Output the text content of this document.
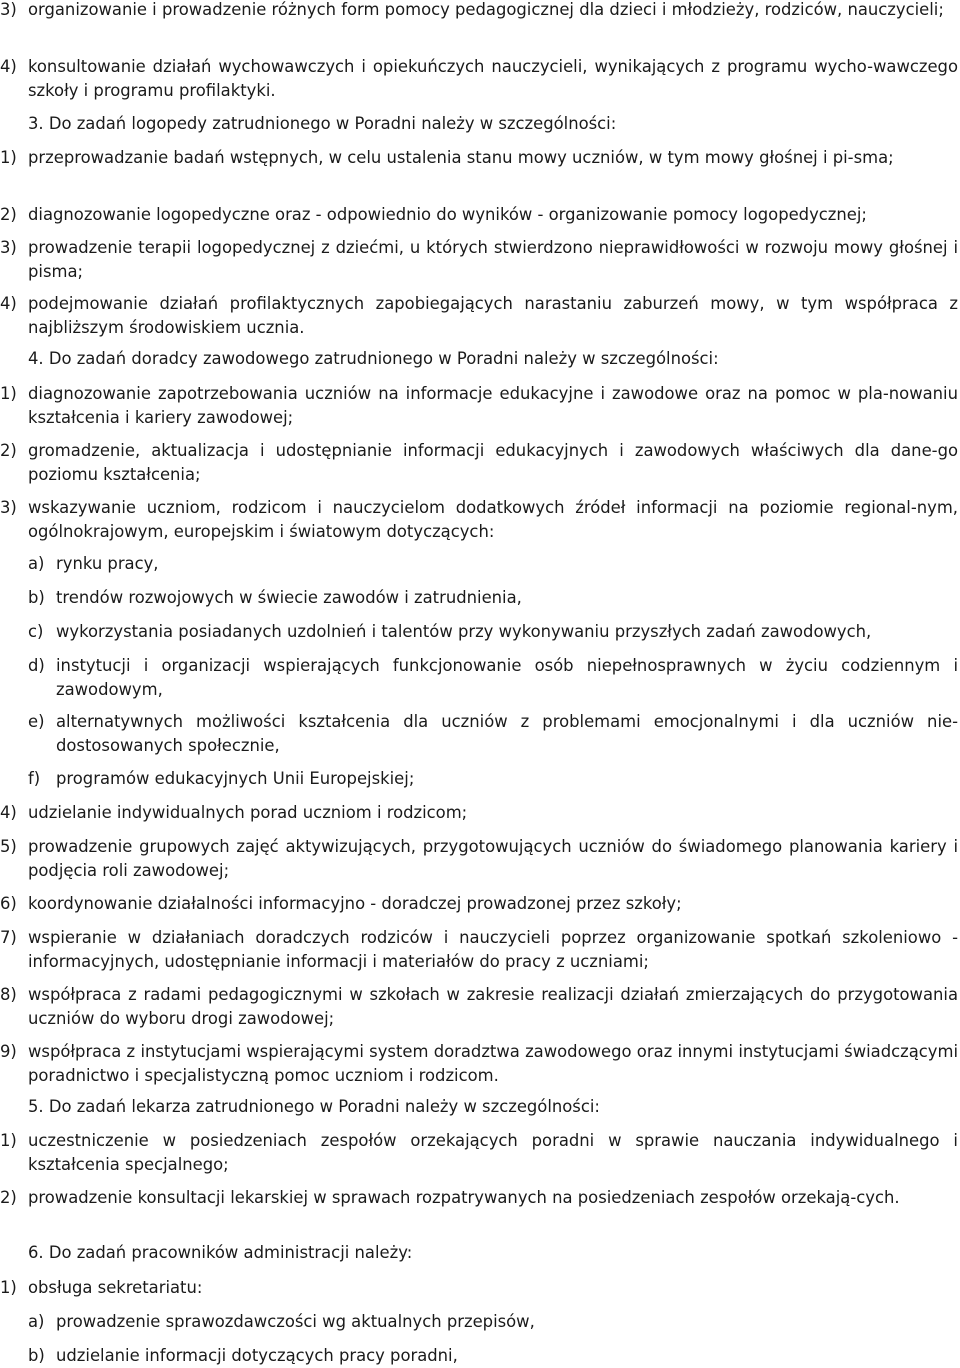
3) organizowanie i prowadzenie różnych form pomocy pedagogicznej dla dzieci i młodzieży, rodziców, nauczycieli;
4) konsultowanie działań wychowawczych i opiekuńczych nauczycieli, wynikających z programu wycho-wawczego szkoły i programu profilaktyki.
3. Do zadań logopedy zatrudnionego w Poradni należy w szczególności:
1) przeprowadzanie badań wstępnych, w celu ustalenia stanu mowy uczniów, w tym mowy głośnej i pi-sma;
2) diagnozowanie logopedyczne oraz - odpowiednio do wyników - organizowanie pomocy logopedycznej;
3) prowadzenie terapii logopedycznej z dziećmi, u których stwierdzono nieprawidłowości w rozwoju mowy głośnej i pisma;
4) podejmowanie działań profilaktycznych zapobiegających narastaniu zaburzeń mowy, w tym współpraca z najbliższym środowiskiem ucznia.
4. Do zadań doradcy zawodowego zatrudnionego w Poradni należy w szczególności:
1) diagnozowanie zapotrzebowania uczniów na informacje edukacyjne i zawodowe oraz na pomoc w pla-nowaniu kształcenia i kariery zawodowej;
2) gromadzenie, aktualizacja i udostępnianie informacji edukacyjnych i zawodowych właściwych dla dane-go poziomu kształcenia;
3) wskazywanie uczniom, rodzicom i nauczycielom dodatkowych źródeł informacji na poziomie regional-nym, ogólnokrajowym, europejskim i światowym dotyczących:
a) rynku pracy,
b) trendów rozwojowych w świecie zawodów i zatrudnienia,
c) wykorzystania posiadanych uzdolnień i talentów przy wykonywaniu przyszłych zadań zawodowych,
d) instytucji i organizacji wspierających funkcjonowanie osób niepełnosprawnych w życiu codziennym i zawodowym,
e) alternatywnych możliwości kształcenia dla uczniów z problemami emocjonalnymi i dla uczniów nie-dostosowanych społecznie,
f) programów edukacyjnych Unii Europejskiej;
4) udzielanie indywidualnych porad uczniom i rodzicom;
5) prowadzenie grupowych zajęć aktywizujących, przygotowujących uczniów do świadomego planowania kariery i podjęcia roli zawodowej;
6) koordynowanie działalności informacyjno - doradczej prowadzonej przez szkoły;
7) wspieranie w działaniach doradczych rodziców i nauczycieli poprzez organizowanie spotkań szkoleniowo - informacyjnych, udostępnianie informacji i materiałów do pracy z uczniami;
8) współpraca z radami pedagogicznymi w szkołach w zakresie realizacji działań zmierzających do przygotowania uczniów do wyboru drogi zawodowej;
9) współpraca z instytucjami wspierającymi system doradztwa zawodowego oraz innymi instytucjami świadczącymi poradnictwo i specjalistyczną pomoc uczniom i rodzicom.
5. Do zadań lekarza zatrudnionego w Poradni należy w szczególności:
1) uczestniczenie w posiedzeniach zespołów orzekających poradni w sprawie nauczania indywidualnego i kształcenia specjalnego;
2) prowadzenie konsultacji lekarskiej w sprawach rozpatrywanych na posiedzeniach zespołów orzekają-cych.
6. Do zadań pracowników administracji należy:
1) obsługa sekretariatu:
a) prowadzenie sprawozdawczości wg aktualnych przepisów,
b) udzielanie informacji dotyczących pracy poradni,
